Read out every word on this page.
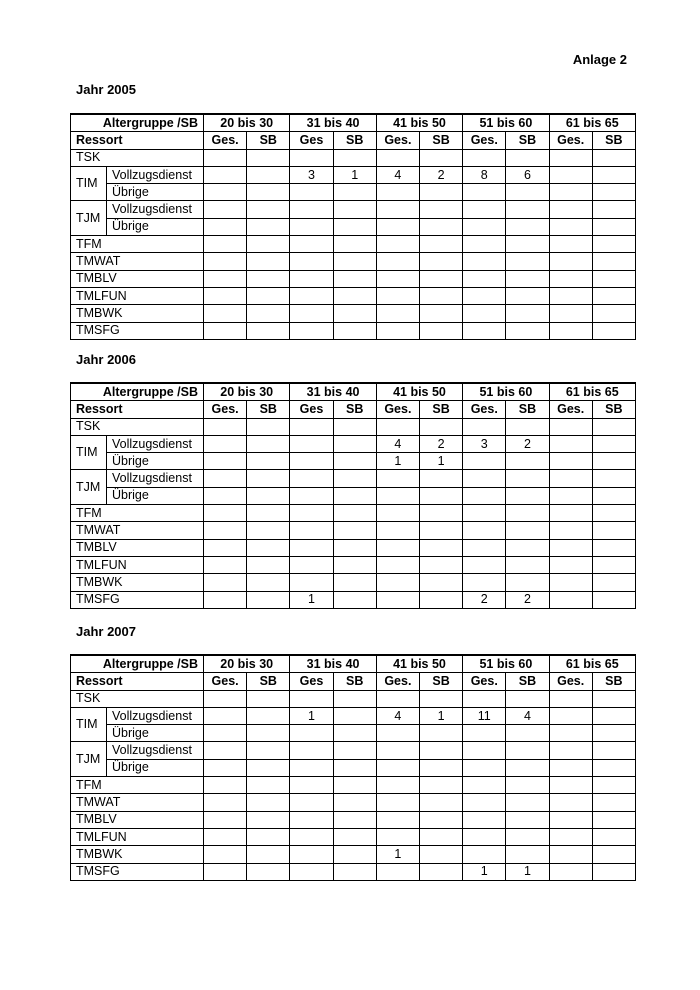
Anlage 2
Jahr 2005
Altergruppe /SB		20 bis 30		31 bis 40		41 bis 50		51 bis 60		61 bis 65	
Ressort		Ges.	SB	Ges	SB	Ges.	SB	Ges.	SB	Ges.	SB
TSK											
TIM	Vollzugsdienst			3	1	4	2	8	6		
	Übrige										
TJM	Vollzugsdienst										
	Übrige										
TFM											
TMWAT											
TMBLV											
TMLFUN											
TMBWK											
TMSFG											
Jahr 2006
Altergruppe /SB		20 bis 30		31 bis 40		41 bis 50		51 bis 60		61 bis 65	
Ressort		Ges.	SB	Ges	SB	Ges.	SB	Ges.	SB	Ges.	SB
TSK											
TIM	Vollzugsdienst					4	2	3	2		
	Übrige					1	1				
TJM	Vollzugsdienst										
	Übrige										
TFM											
TMWAT											
TMBLV											
TMLFUN											
TMBWK											
TMSFG				1				2	2		
Jahr 2007
Altergruppe /SB		20 bis 30		31 bis 40		41 bis 50		51 bis 60		61 bis 65	
Ressort		Ges.	SB	Ges	SB	Ges.	SB	Ges.	SB	Ges.	SB
TSK											
TIM	Vollzugsdienst			1		4	1	11	4		
	Übrige										
TJM	Vollzugsdienst										
	Übrige										
TFM											
TMWAT											
TMBLV											
TMLFUN											
TMBWK						1					
TMSFG								1	1		
